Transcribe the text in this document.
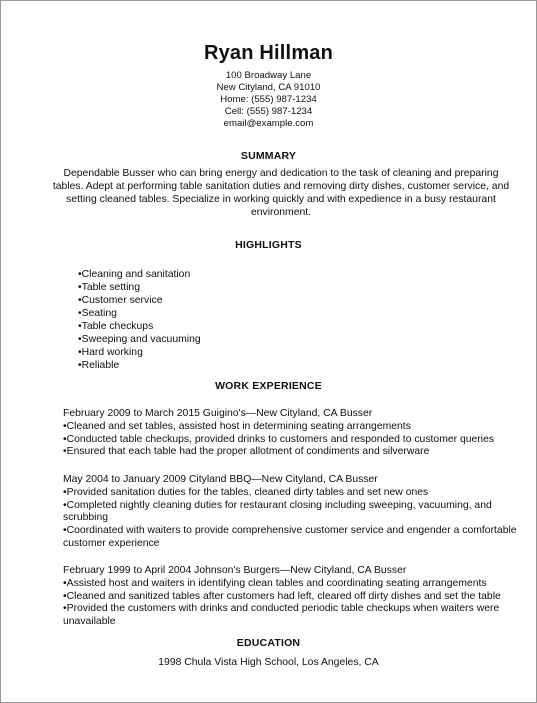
Ryan Hillman
100 Broadway Lane
New Cityland, CA 91010
Home: (555) 987-1234
Cell: (555) 987-1234
email@example.com
SUMMARY
Dependable Busser who can bring energy and dedication to the task of cleaning and preparing tables. Adept at performing table sanitation duties and removing dirty dishes, customer service, and setting cleaned tables. Specialize in working quickly and with expedience in a busy restaurant environment.
HIGHLIGHTS
•Cleaning and sanitation
•Table setting
•Customer service
•Seating
•Table checkups
•Sweeping and vacuuming
•Hard working
•Reliable
WORK EXPERIENCE
February 2009 to March 2015 Guigino's—New Cityland, CA Busser
•Cleaned and set tables, assisted host in determining seating arrangements
•Conducted table checkups, provided drinks to customers and responded to customer queries
•Ensured that each table had the proper allotment of condiments and silverware
May 2004 to January 2009 Cityland BBQ—New Cityland, CA Busser
•Provided sanitation duties for the tables, cleaned dirty tables and set new ones
•Completed nightly cleaning duties for restaurant closing including sweeping, vacuuming, and scrubbing
•Coordinated with waiters to provide comprehensive customer service and engender a comfortable customer experience
February 1999 to April 2004 Johnson's Burgers—New Cityland, CA Busser
•Assisted host and waiters in identifying clean tables and coordinating seating arrangements
•Cleaned and sanitized tables after customers had left, cleared off dirty dishes and set the table
•Provided the customers with drinks and conducted periodic table checkups when waiters were unavailable
EDUCATION
1998 Chula Vista High School, Los Angeles, CA
